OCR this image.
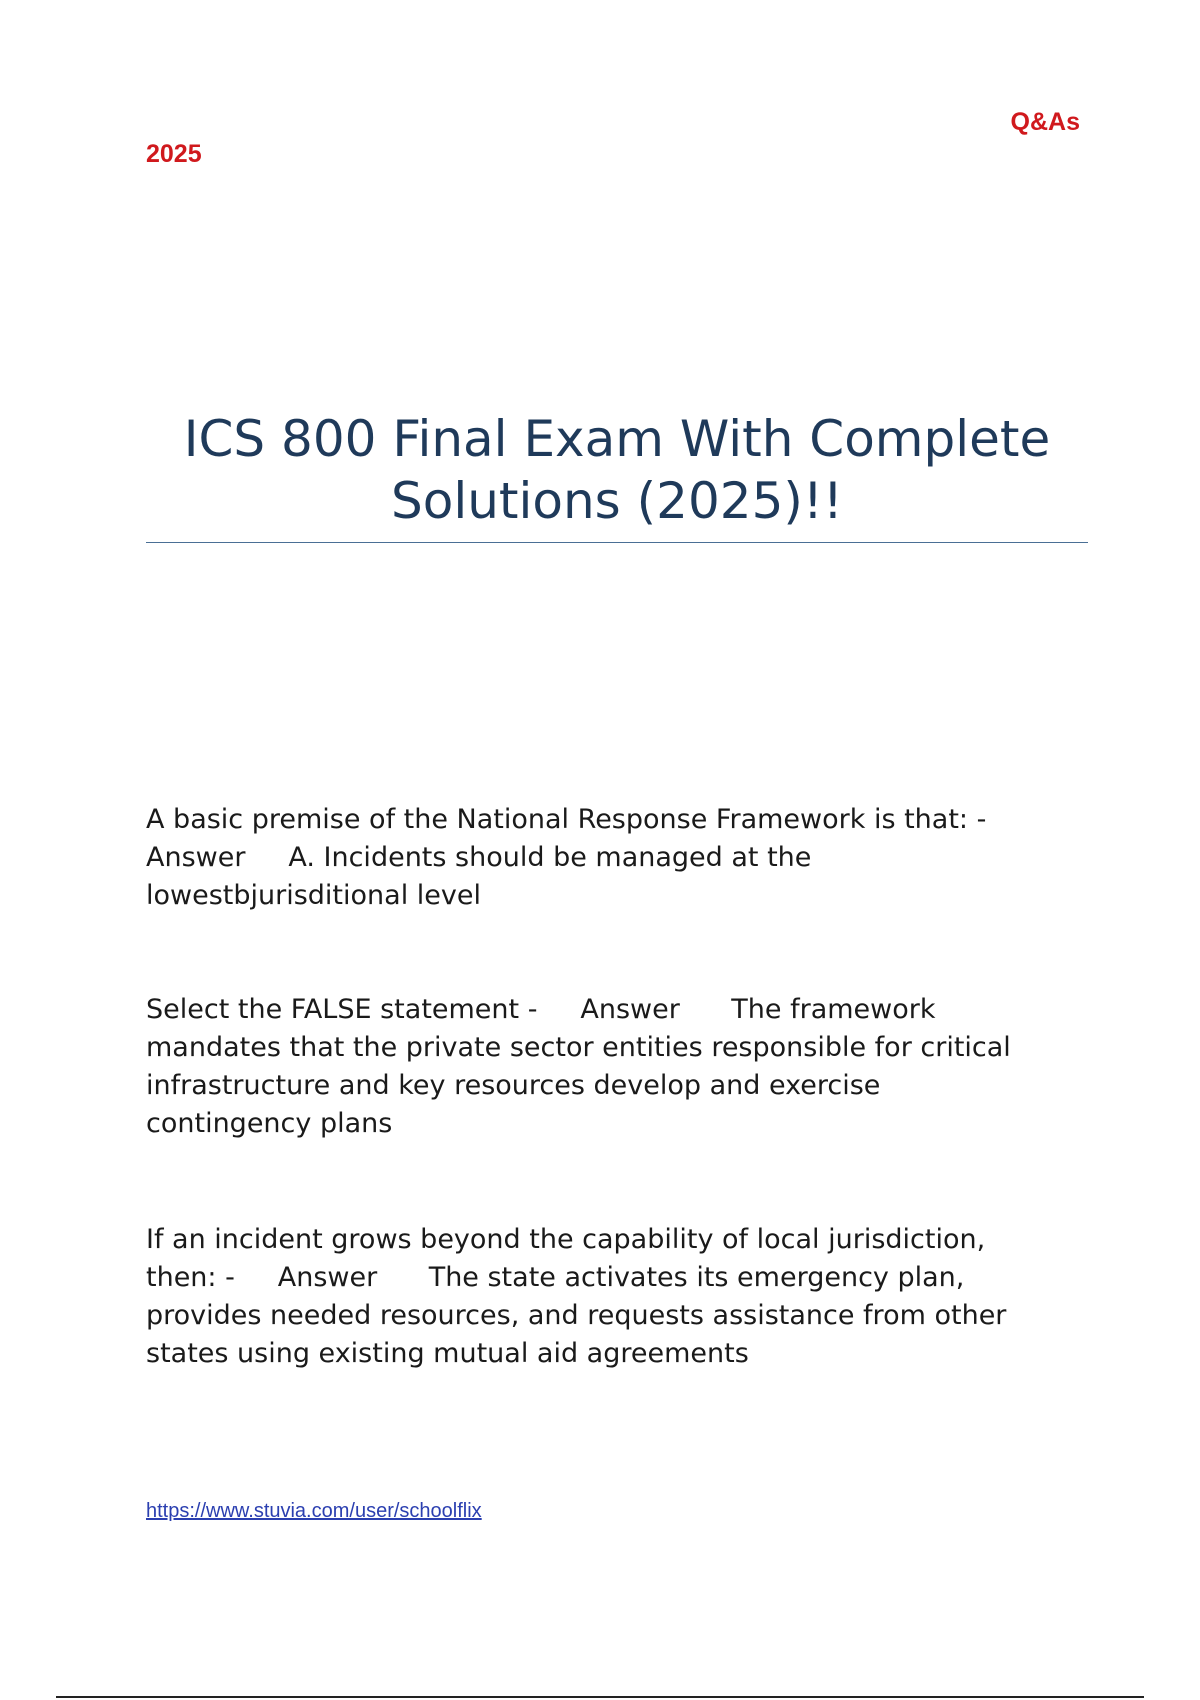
2025
Q&As
ICS 800 Final Exam With Complete Solutions (2025)!!

A basic premise of the National Response Framework is that: -
Answer     A. Incidents should be managed at the
lowestbjurisditional level

Select the FALSE statement -     Answer      The framework
mandates that the private sector entities responsible for critical
infrastructure and key resources develop and exercise
contingency plans

If an incident grows beyond the capability of local jurisdiction,
then: -     Answer      The state activates its emergency plan,
provides needed resources, and requests assistance from other
states using existing mutual aid agreements

https://www.stuvia.com/user/schoolflix
